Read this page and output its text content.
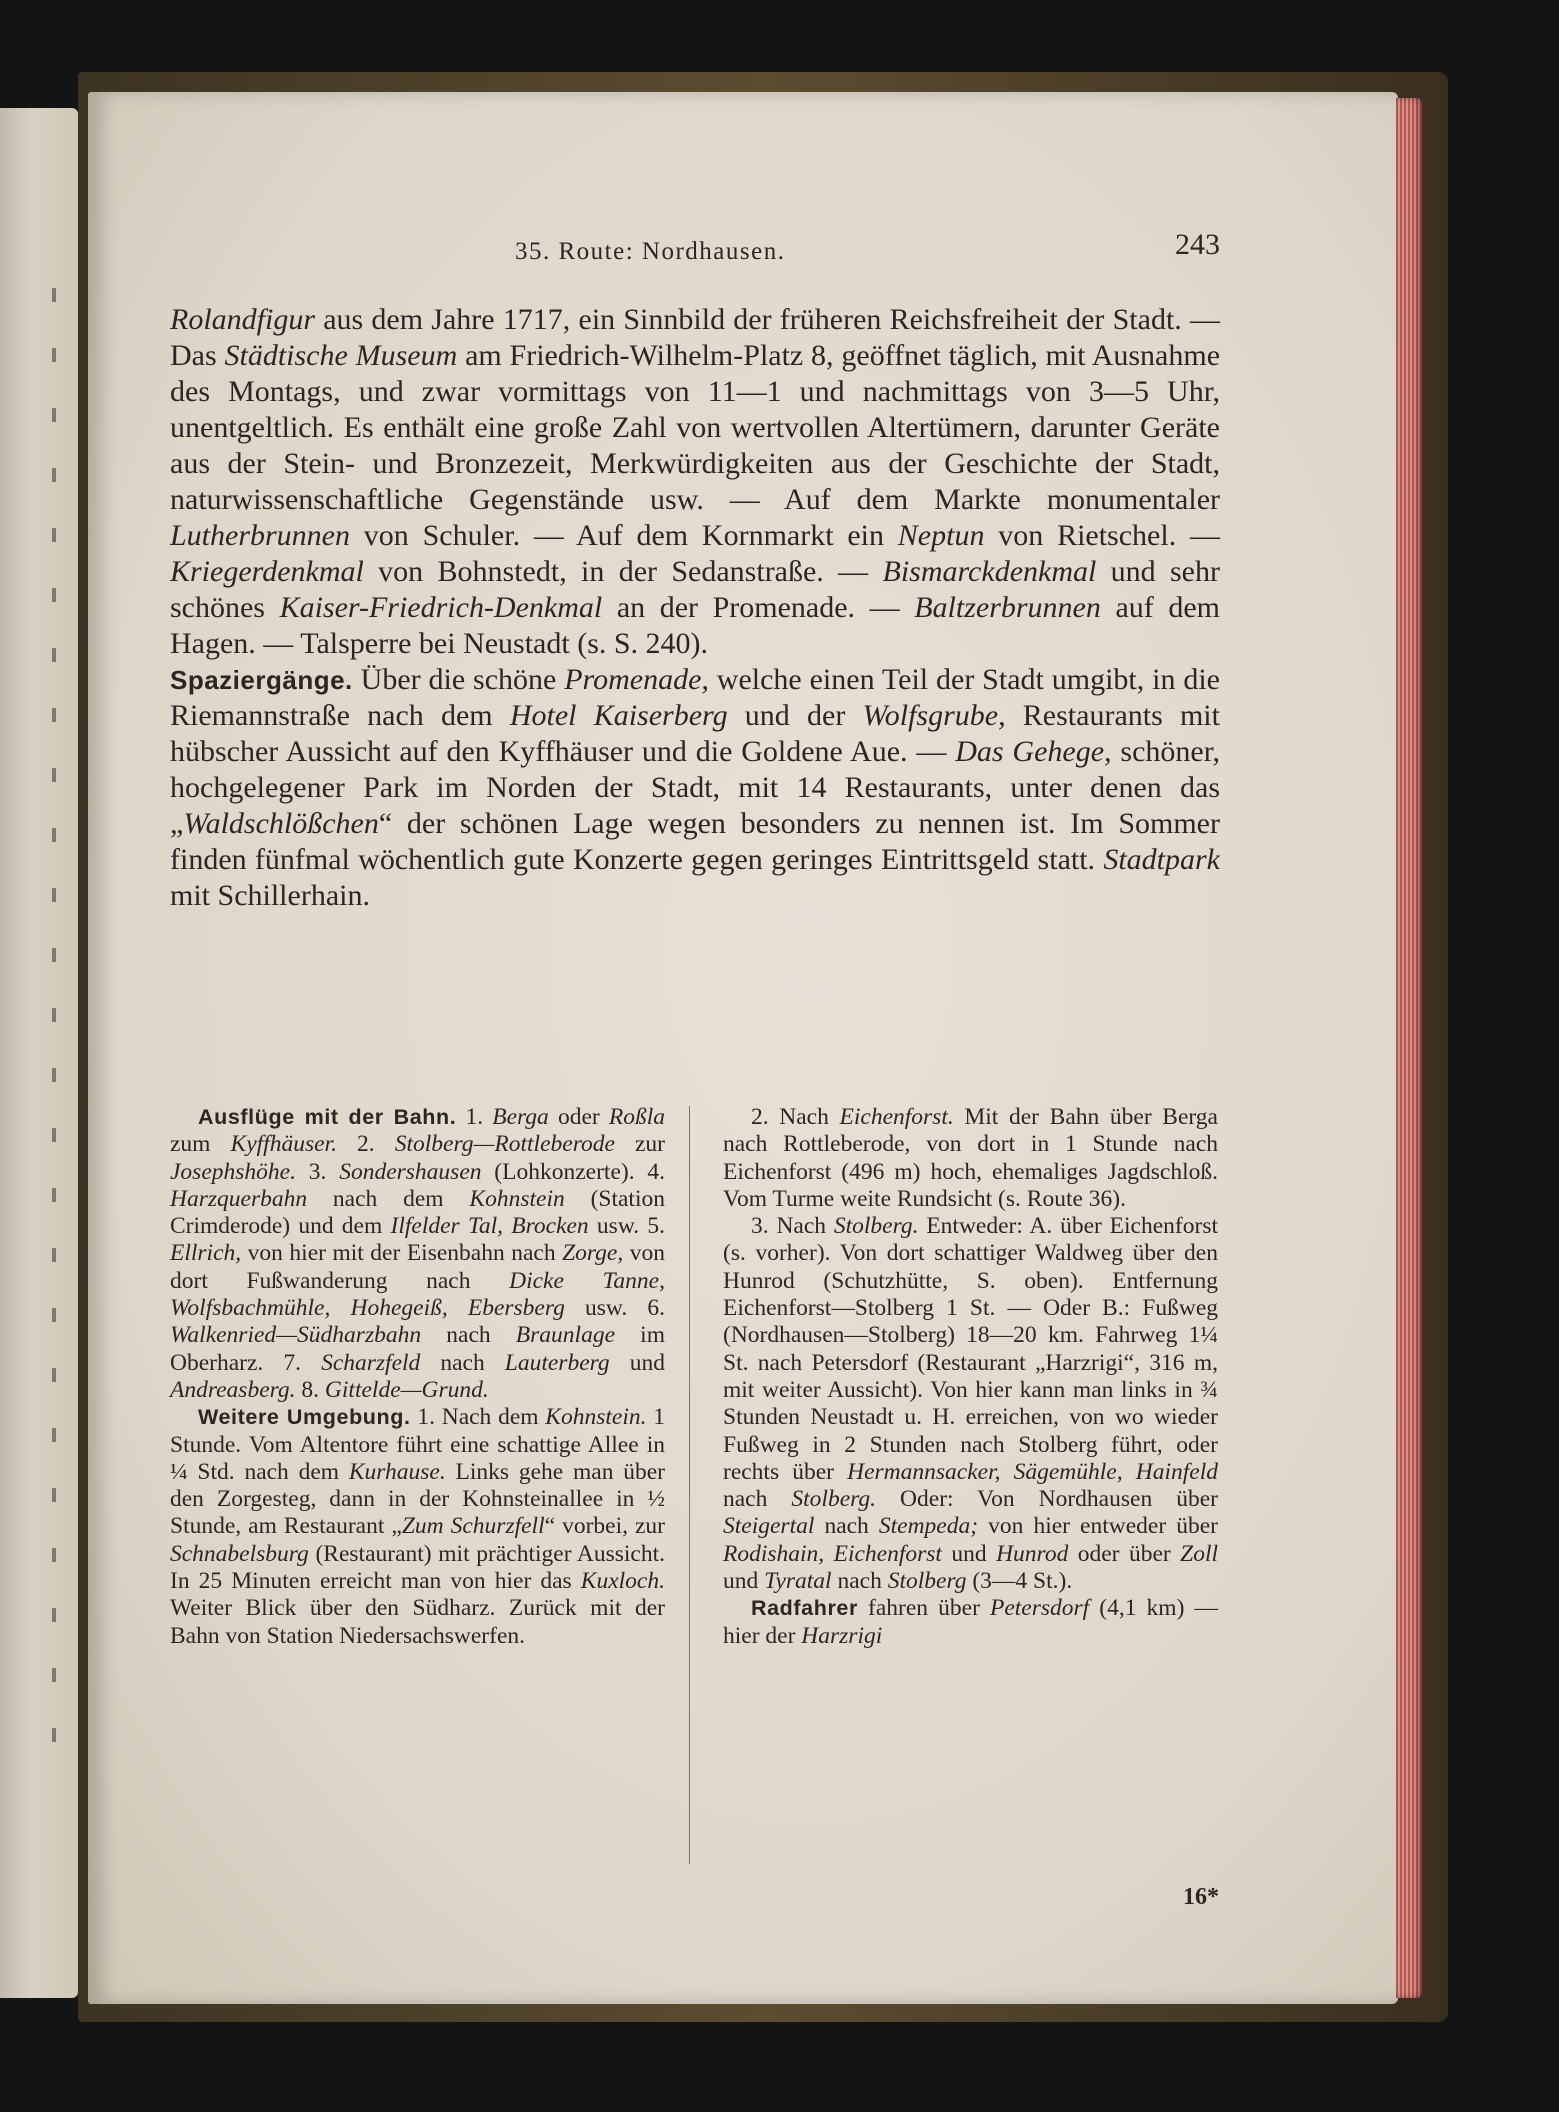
35. Route: Nordhausen.	243

Rolandfigur aus dem Jahre 1717, ein Sinnbild der früheren Reichsfreiheit der Stadt. — Das Städtische Museum am Friedrich-Wilhelm-Platz 8, geöffnet täglich, mit Ausnahme des Montags, und zwar vormittags von 11—1 und nachmittags von 3—5 Uhr, unentgeltlich. Es enthält eine große Zahl von wertvollen Altertümern, darunter Geräte aus der Stein- und Bronzezeit, Merkwürdigkeiten aus der Geschichte der Stadt, naturwissenschaftliche Gegenstände usw. — Auf dem Markte monumentaler Lutherbrunnen von Schuler. — Auf dem Kornmarkt ein Neptun von Rietschel. — Kriegerdenkmal von Bohnstedt, in der Sedanstraße. — Bismarckdenkmal und sehr schönes Kaiser-Friedrich-Denkmal an der Promenade. — Baltzerbrunnen auf dem Hagen. — Talsperre bei Neustadt (s. S. 240).

Spaziergänge. Über die schöne Promenade, welche einen Teil der Stadt umgibt, in die Riemannstraße nach dem Hotel Kaiserberg und der Wolfsgrube, Restaurants mit hübscher Aussicht auf den Kyffhäuser und die Goldene Aue. — Das Gehege, schöner, hochgelegener Park im Norden der Stadt, mit 14 Restaurants, unter denen das „Waldschlößchen“ der schönen Lage wegen besonders zu nennen ist. Im Sommer finden fünfmal wöchentlich gute Konzerte gegen geringes Eintrittsgeld statt. Stadtpark mit Schillerhain.

Ausflüge mit der Bahn. 1. Berga oder Roßla zum Kyffhäuser. 2. Stolberg—Rottleberode zur Josephshöhe. 3. Sondershausen (Lohkonzerte). 4. Harzquerbahn nach dem Kohnstein (Station Crimderode) und dem Ilfelder Tal, Brocken usw. 5. Ellrich, von hier mit der Eisenbahn nach Zorge, von dort Fußwanderung nach Dicke Tanne, Wolfsbachmühle, Hohegeiß, Ebersberg usw. 6. Walkenried—Südharzbahn nach Braunlage im Oberharz. 7. Scharzfeld nach Lauterberg und Andreasberg. 8. Gittelde—Grund.

Weitere Umgebung. 1. Nach dem Kohnstein. 1 Stunde. Vom Altentore führt eine schattige Allee in ¼ Std. nach dem Kurhause. Links gehe man über den Zorgesteg, dann in der Kohnsteinallee in ½ Stunde, am Restaurant „Zum Schurzfell“ vorbei, zur Schnabelsburg (Restaurant) mit prächtiger Aussicht. In 25 Minuten erreicht man von hier das Kuxloch. Weiter Blick über den Südharz. Zurück mit der Bahn von Station Niedersachswerfen.

2. Nach Eichenforst. Mit der Bahn über Berga nach Rottleberode, von dort in 1 Stunde nach Eichenforst (496 m) hoch, ehemaliges Jagdschloß. Vom Turme weite Rundsicht (s. Route 36).

3. Nach Stolberg. Entweder: A. über Eichenforst (s. vorher). Von dort schattiger Waldweg über den Hunrod (Schutzhütte, S. oben). Entfernung Eichenforst—Stolberg 1 St. — Oder B.: Fußweg (Nordhausen—Stolberg) 18—20 km. Fahrweg 1¼ St. nach Petersdorf (Restaurant „Harzrigi“, 316 m, mit weiter Aussicht). Von hier kann man links in ¾ Stunden Neustadt u. H. erreichen, von wo wieder Fußweg in 2 Stunden nach Stolberg führt, oder rechts über Hermannsacker, Sägemühle, Hainfeld nach Stolberg. Oder: Von Nordhausen über Steigertal nach Stempeda; von hier entweder über Rodishain, Eichenforst und Hunrod oder über Zoll und Tyratal nach Stolberg (3—4 St.).

Radfahrer fahren über Petersdorf (4,1 km) — hier der Harzrigi

16*
